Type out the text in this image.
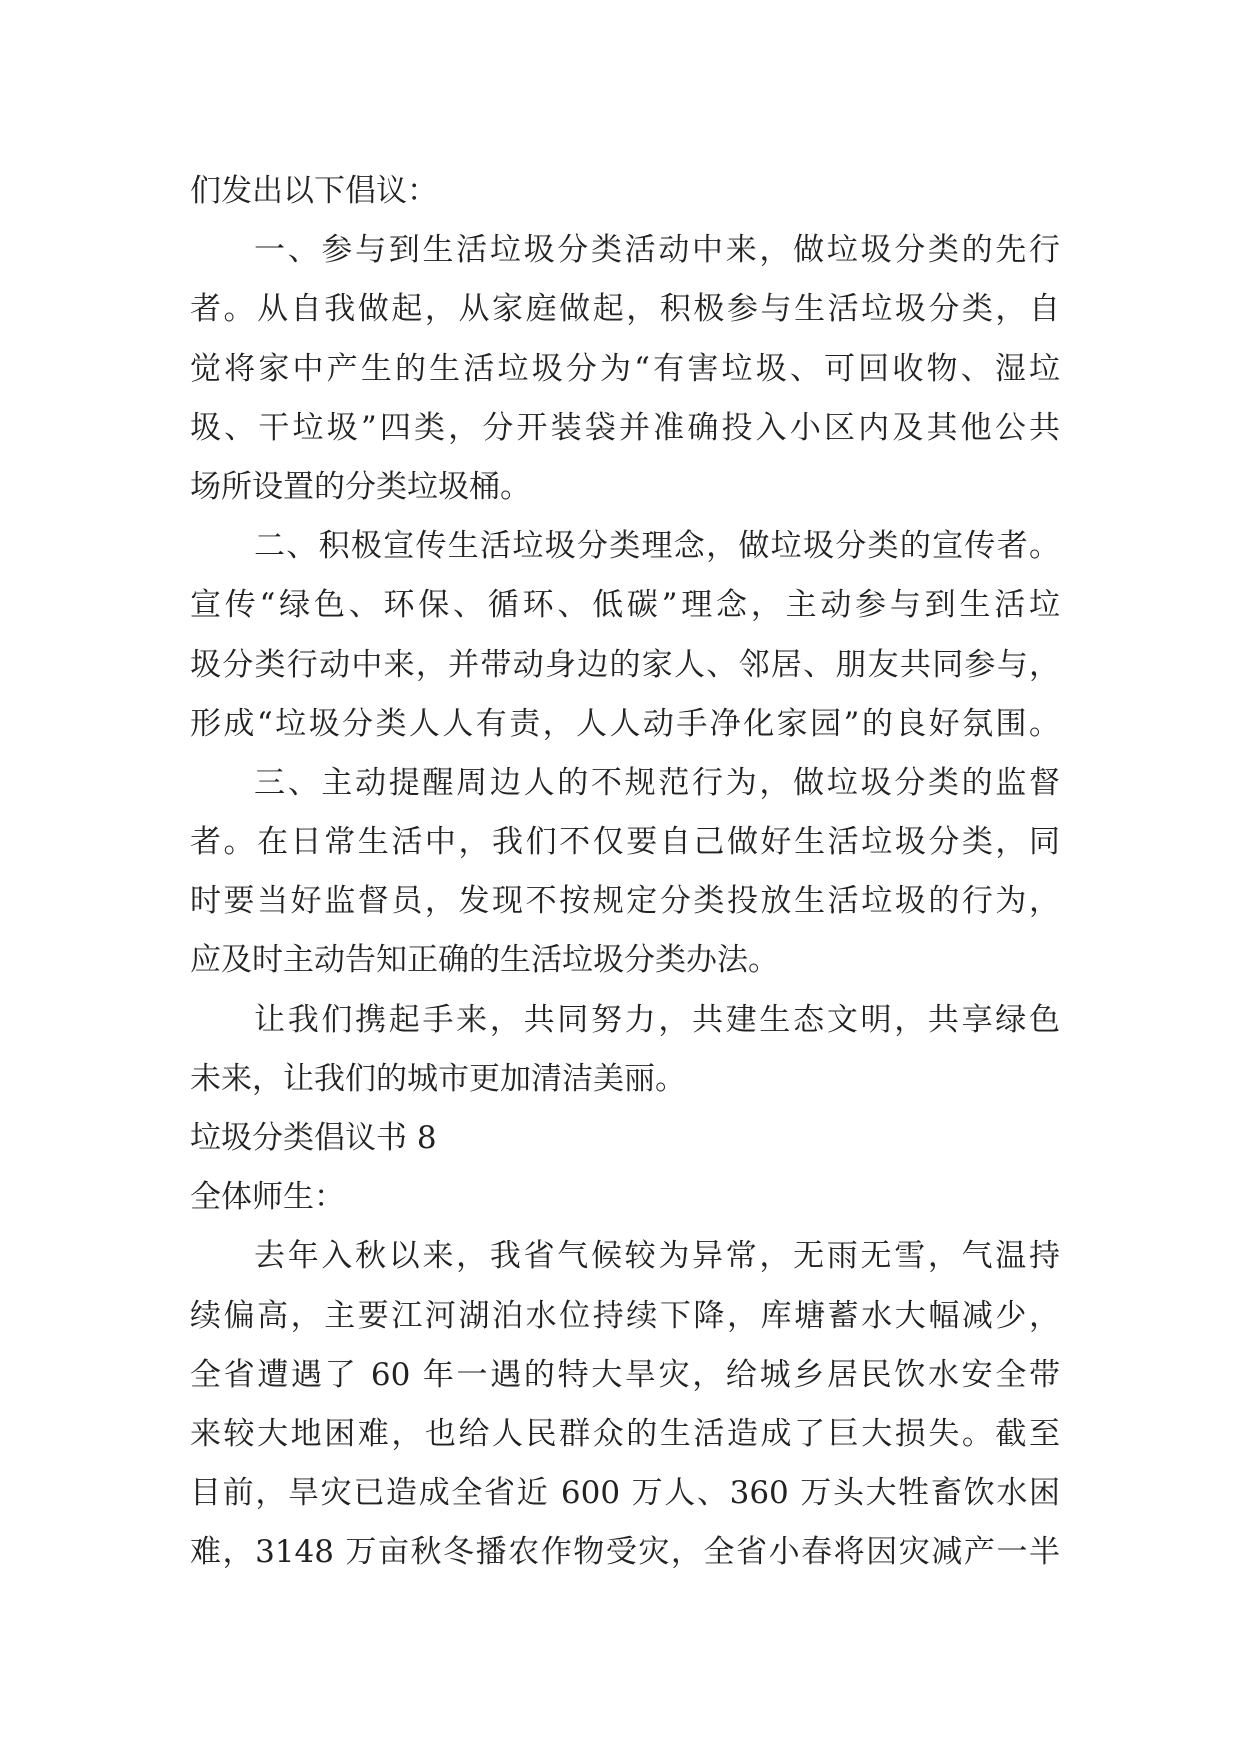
们发出以下倡议：
一、参与到生活垃圾分类活动中来，做垃圾分类的先行
者。从自我做起，从家庭做起，积极参与生活垃圾分类，自
觉将家中产生的生活垃圾分为“有害垃圾、可回收物、湿垃
圾、干垃圾”四类，分开装袋并准确投入小区内及其他公共
场所设置的分类垃圾桶。
二、积极宣传生活垃圾分类理念，做垃圾分类的宣传者。
宣传“绿色、环保、循环、低碳”理念，主动参与到生活垃
圾分类行动中来，并带动身边的家人、邻居、朋友共同参与，
形成“垃圾分类人人有责，人人动手净化家园”的良好氛围。
三、主动提醒周边人的不规范行为，做垃圾分类的监督
者。在日常生活中，我们不仅要自己做好生活垃圾分类，同
时要当好监督员，发现不按规定分类投放生活垃圾的行为，
应及时主动告知正确的生活垃圾分类办法。
让我们携起手来，共同努力，共建生态文明，共享绿色
未来，让我们的城市更加清洁美丽。
垃圾分类倡议书 8
全体师生：
去年入秋以来，我省气候较为异常，无雨无雪，气温持
续偏高，主要江河湖泊水位持续下降，库塘蓄水大幅减少，
全省遭遇了 60 年一遇的特大旱灾，给城乡居民饮水安全带
来较大地困难，也给人民群众的生活造成了巨大损失。截至
目前，旱灾已造成全省近 600 万人、360 万头大牲畜饮水困
难，3148 万亩秋冬播农作物受灾，全省小春将因灾减产一半
